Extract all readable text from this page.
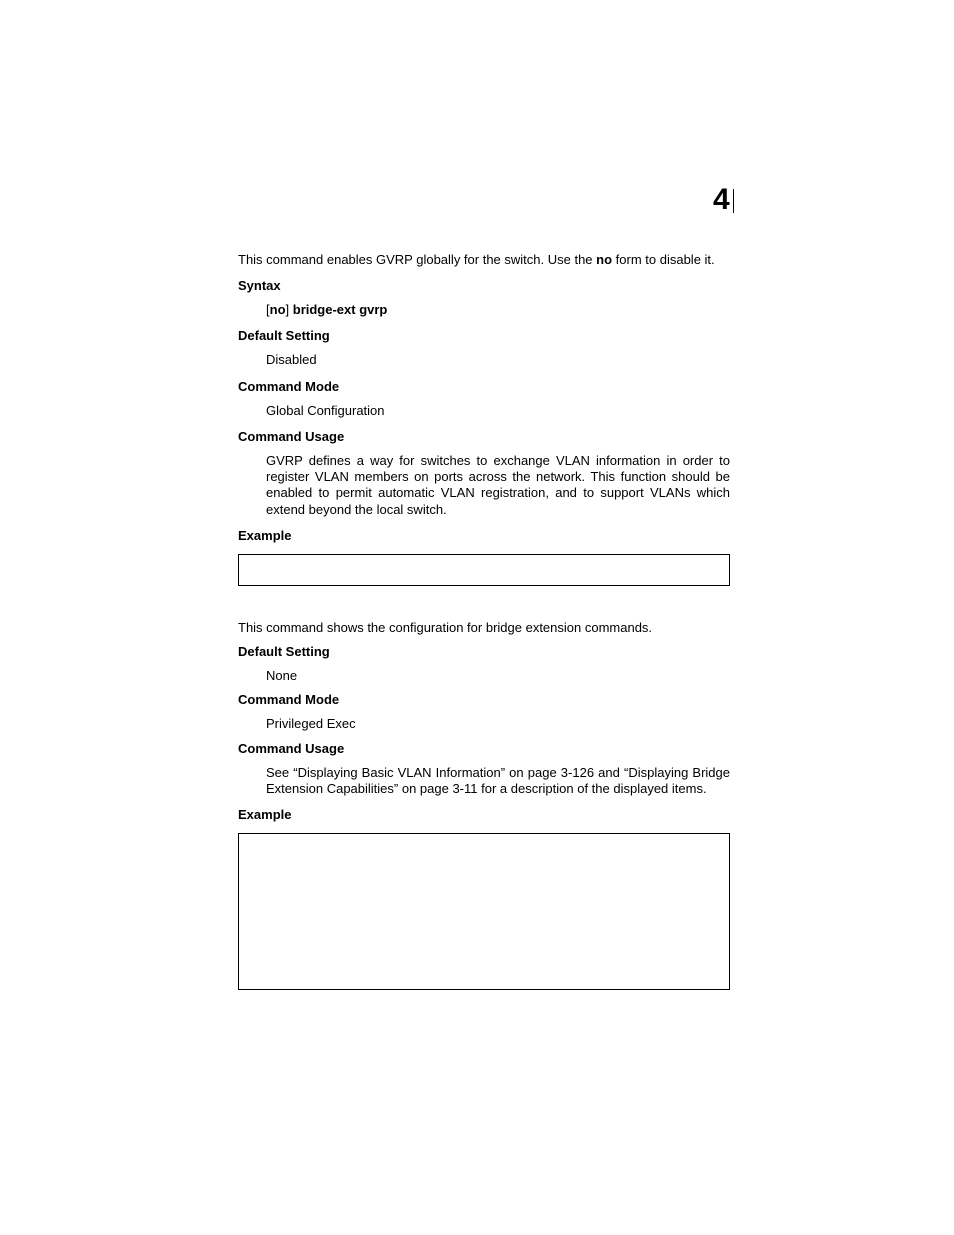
4

This command enables GVRP globally for the switch. Use the no form to disable it.

Syntax

[no] bridge-ext gvrp

Default Setting

Disabled

Command Mode

Global Configuration

Command Usage

GVRP defines a way for switches to exchange VLAN information in order to register VLAN members on ports across the network. This function should be enabled to permit automatic VLAN registration, and to support VLANs which extend beyond the local switch.

Example

This command shows the configuration for bridge extension commands.

Default Setting

None

Command Mode

Privileged Exec

Command Usage

See “Displaying Basic VLAN Information” on page 3-126 and “Displaying Bridge Extension Capabilities” on page 3-11 for a description of the displayed items.

Example
